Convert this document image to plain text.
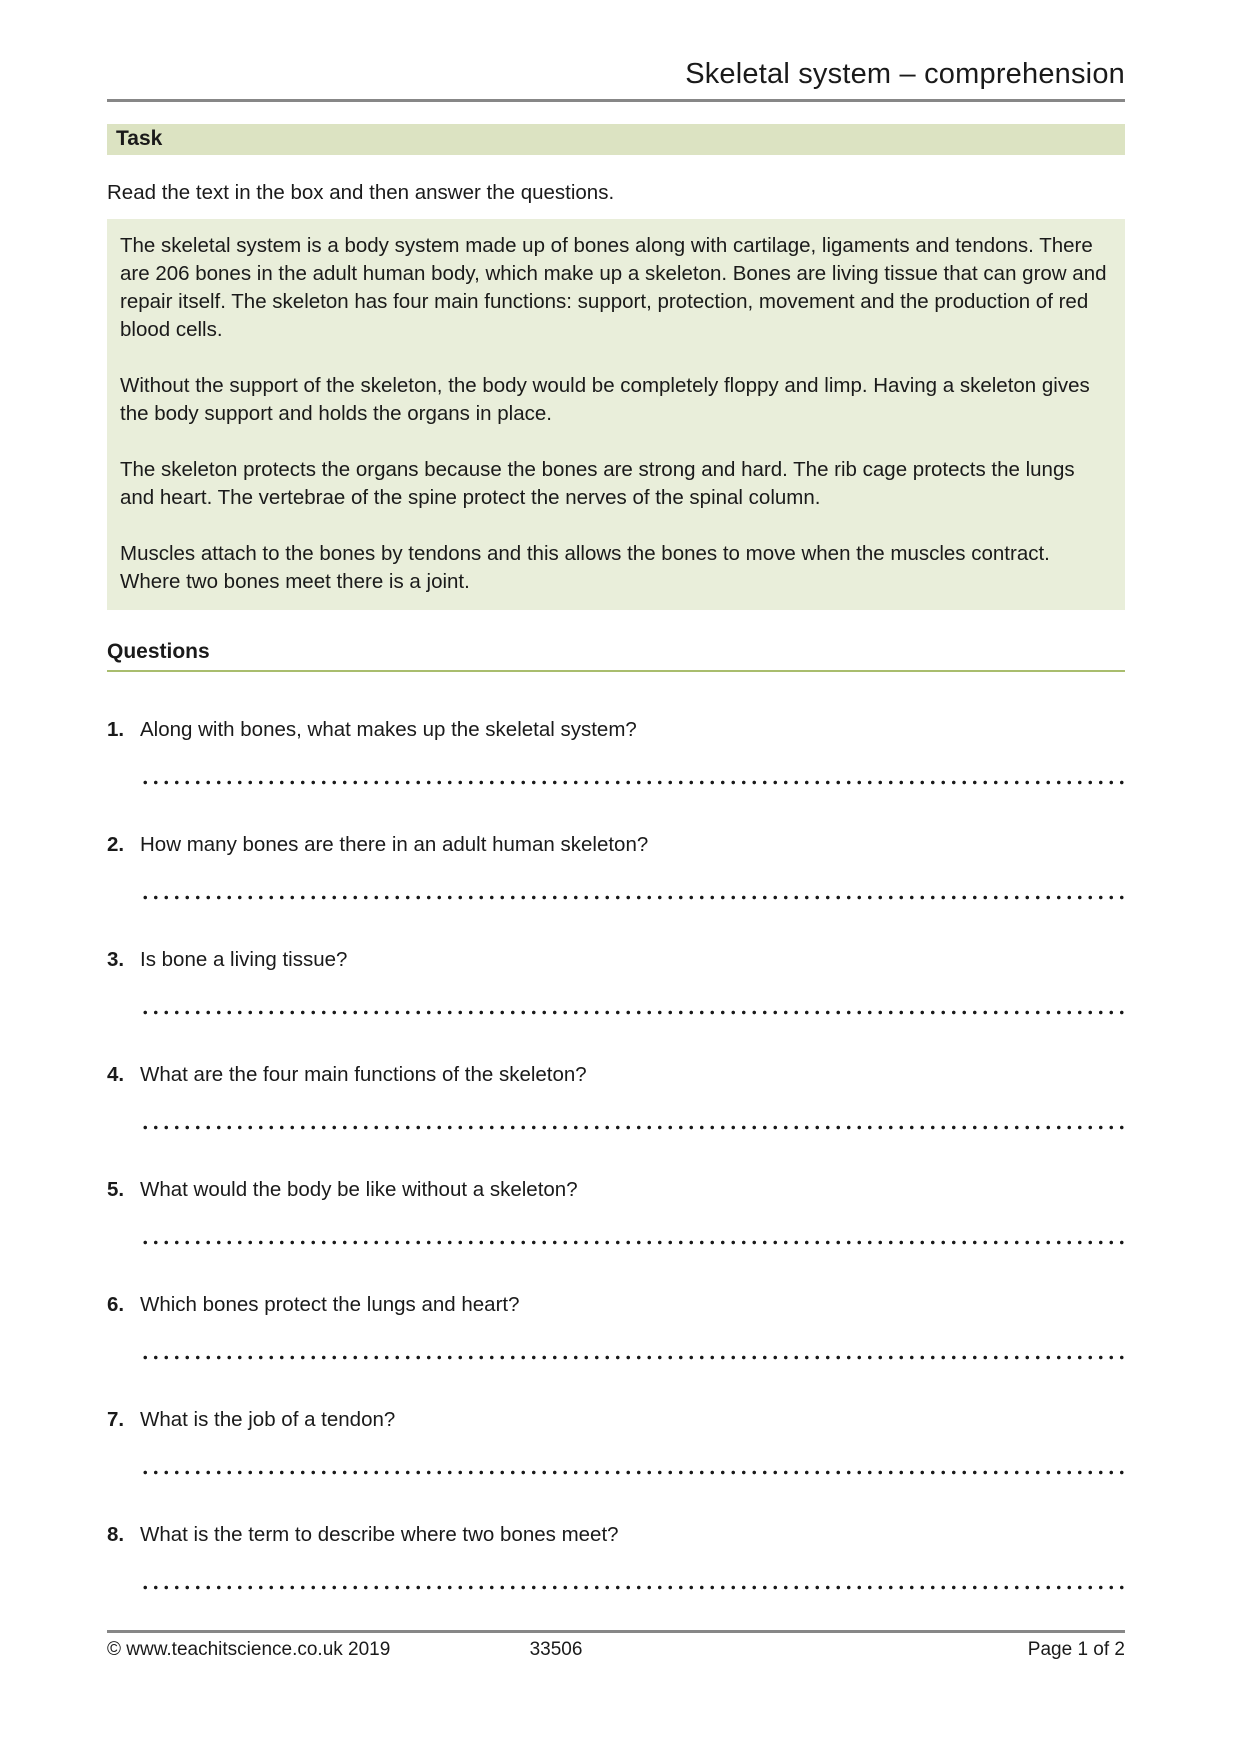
Skeletal system – comprehension
Task

Read the text in the box and then answer the questions.

The skeletal system is a body system made up of bones along with cartilage, ligaments and tendons. There are 206 bones in the adult human body, which make up a skeleton. Bones are living tissue that can grow and repair itself. The skeleton has four main functions: support, protection, movement and the production of red blood cells.

Without the support of the skeleton, the body would be completely floppy and limp. Having a skeleton gives the body support and holds the organs in place.

The skeleton protects the organs because the bones are strong and hard. The rib cage protects the lungs and heart. The vertebrae of the spine protect the nerves of the spinal column.

Muscles attach to the bones by tendons and this allows the bones to move when the muscles contract. Where two bones meet there is a joint.

Questions
1. Along with bones, what makes up the skeletal system?
2. How many bones are there in an adult human skeleton?
3. Is bone a living tissue?
4. What are the four main functions of the skeleton?
5. What would the body be like without a skeleton?
6. Which bones protect the lungs and heart?
7. What is the job of a tendon?
8. What is the term to describe where two bones meet?
© www.teachitscience.co.uk 2019	33506	Page 1 of 2
